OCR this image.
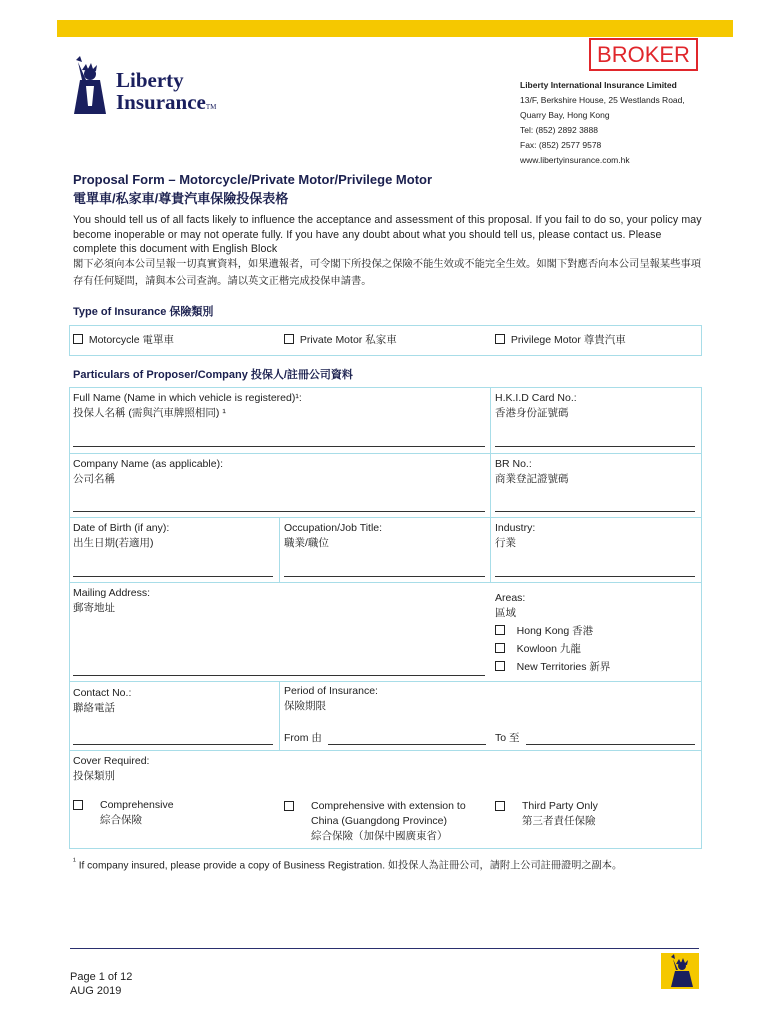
BROKER
Liberty
InsuranceTM
Liberty International Insurance Limited
13/F, Berkshire House, 25 Westlands Road,
Quarry Bay, Hong Kong
Tel: (852) 2892 3888
Fax: (852) 2577 9578
www.libertyinsurance.com.hk
Proposal Form – Motorcycle/Private Motor/Privilege Motor
電單車/私家車/尊貴汽車保險投保表格
You should tell us of all facts likely to influence the acceptance and assessment of this proposal. If you fail to do so, your policy may become inoperable or may not operate fully. If you have any doubt about what you should tell us, please contact us. Please complete this document with English Block
閣下必須向本公司呈報一切真實資料，如果遺報者，可令閣下所投保之保險不能生效或不能完全生效。如閣下對應否向本公司呈報某些事項存有任何疑問，請與本公司查詢。請以英文正楷完成投保申請書。
Type of Insurance 保險類別
Motorcycle 電單車	Private Motor 私家車	Privilege Motor 尊貴汽車
Particulars of Proposer/Company 投保人/註冊公司資料
Full Name (Name in which vehicle is registered)¹:
投保人名稱 (需與汽車牌照相同) ¹
H.K.I.D Card No.:
香港身份証號碼
Company Name (as applicable):
公司名稱
BR No.:
商業登記證號碼
Date of Birth (if any):
出生日期(若適用)
Occupation/Job Title:
職業/職位
Industry:
行業
Mailing Address:
郵寄地址
Areas:
區域
Hong Kong 香港
Kowloon 九龍
New Territories 新界
Contact No.:
聯絡電話
Period of Insurance:
保險期限
From 由	To 至
Cover Required:
投保類別
Comprehensive
綜合保險
Comprehensive with extension to
China (Guangdong Province)
綜合保險（加保中國廣東省）
Third Party Only
第三者責任保險
$^{^1}$ If company insured, please provide a copy of Business Registration. 如投保人為註冊公司，請附上公司註冊證明之副本。
Page 1 of 12
AUG 2019
